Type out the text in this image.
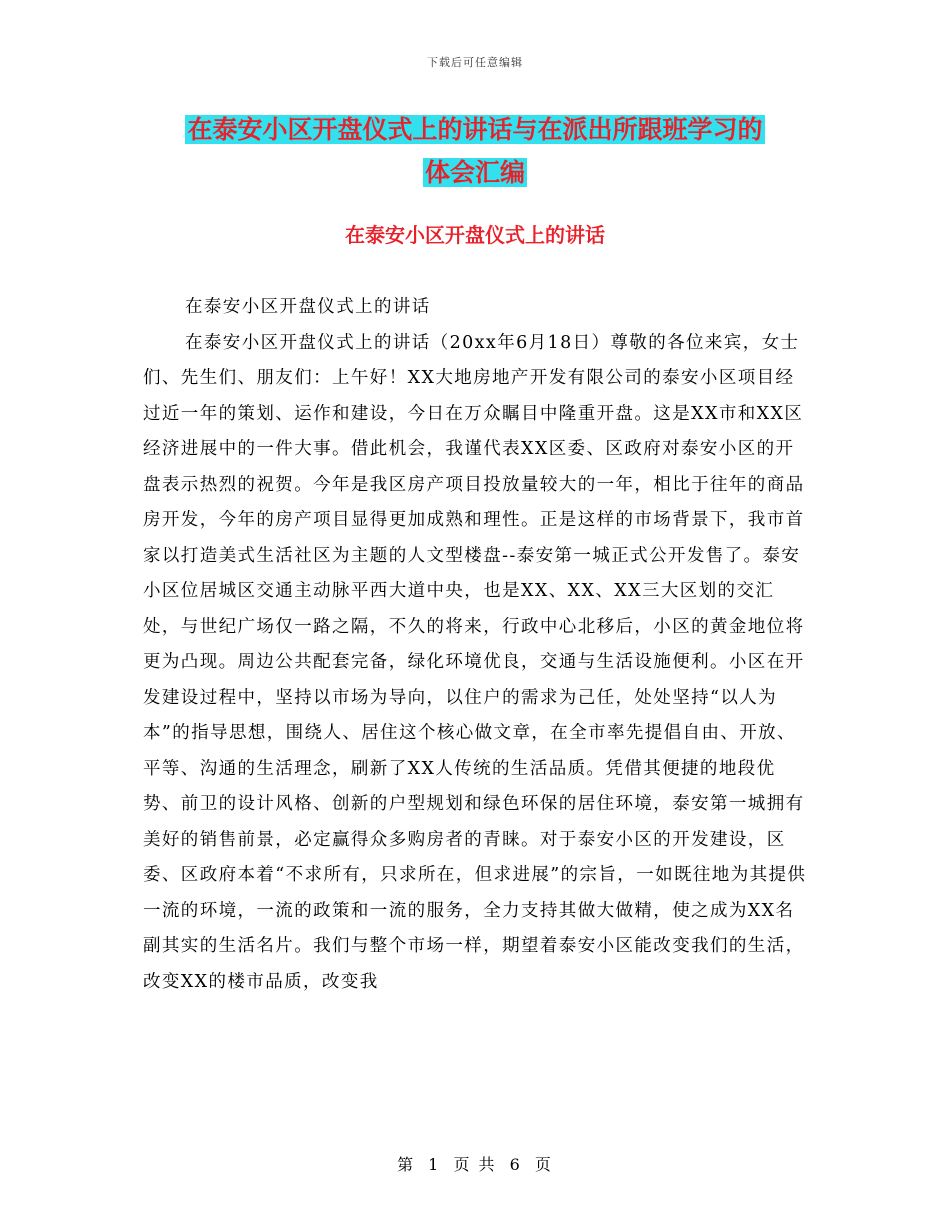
下载后可任意编辑
在泰安小区开盘仪式上的讲话与在派出所跟班学习的
体会汇编
在泰安小区开盘仪式上的讲话

在泰安小区开盘仪式上的讲话

在泰安小区开盘仪式上的讲话（20xx年6月18日）尊敬的各位来宾，女士们、先生们、朋友们：上午好！XX大地房地产开发有限公司的泰安小区项目经过近一年的策划、运作和建设，今日在万众瞩目中隆重开盘。这是XX市和XX区经济进展中的一件大事。借此机会，我谨代表XX区委、区政府对泰安小区的开盘表示热烈的祝贺。今年是我区房产项目投放量较大的一年，相比于往年的商品房开发，今年的房产项目显得更加成熟和理性。正是这样的市场背景下，我市首家以打造美式生活社区为主题的人文型楼盘--泰安第一城正式公开发售了。泰安小区位居城区交通主动脉平西大道中央，也是XX、XX、XX三大区划的交汇处，与世纪广场仅一路之隔，不久的将来，行政中心北移后，小区的黄金地位将更为凸现。周边公共配套完备，绿化环境优良，交通与生活设施便利。小区在开发建设过程中，坚持以市场为导向，以住户的需求为己任，处处坚持“以人为本”的指导思想，围绕人、居住这个核心做文章，在全市率先提倡自由、开放、平等、沟通的生活理念，刷新了XX人传统的生活品质。凭借其便捷的地段优势、前卫的设计风格、创新的户型规划和绿色环保的居住环境，泰安第一城拥有美好的销售前景，必定赢得众多购房者的青睐。对于泰安小区的开发建设，区委、区政府本着“不求所有，只求所在，但求进展”的宗旨，一如既往地为其提供一流的环境，一流的政策和一流的服务，全力支持其做大做精，使之成为XX名副其实的生活名片。我们与整个市场一样，期望着泰安小区能改变我们的生活，改变XX的楼市品质，改变我

第 1 页 共 6 页
